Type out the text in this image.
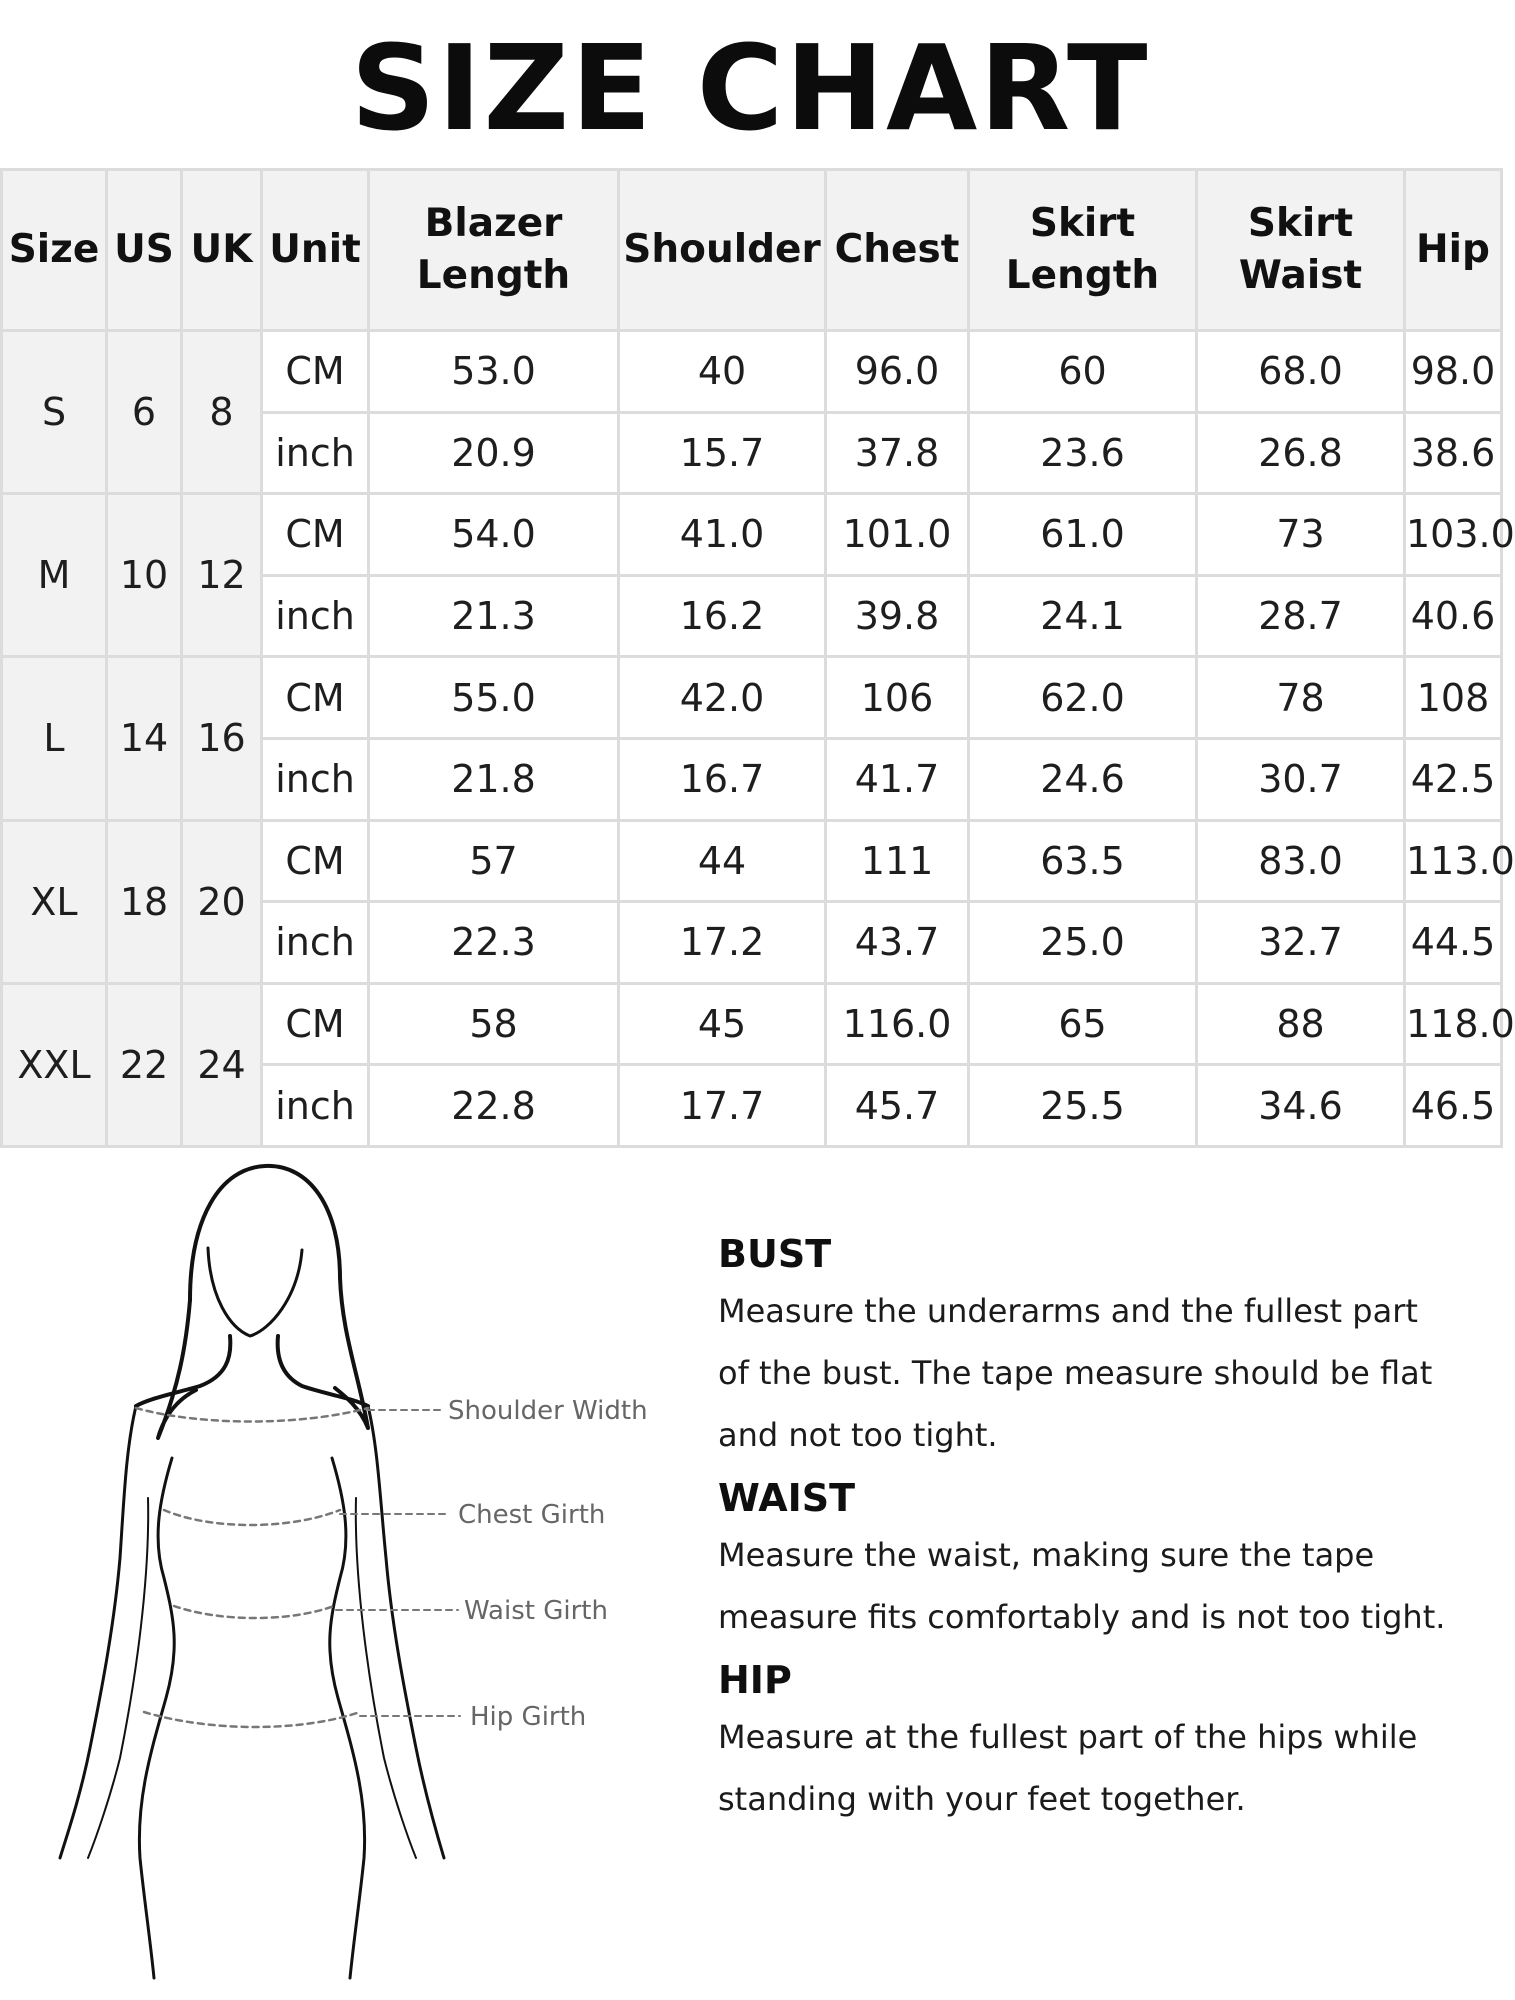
SIZE CHART
Size	US	UK	Unit	Blazer Length	Shoulder	Chest	Skirt Length	Skirt Waist	Hip
S	6	8	CM	53.0	40	96.0	60	68.0	98.0
			inch	20.9	15.7	37.8	23.6	26.8	38.6
M	10	12	CM	54.0	41.0	101.0	61.0	73	103.0
			inch	21.3	16.2	39.8	24.1	28.7	40.6
L	14	16	CM	55.0	42.0	106	62.0	78	108
			inch	21.8	16.7	41.7	24.6	30.7	42.5
XL	18	20	CM	57	44	111	63.5	83.0	113.0
			inch	22.3	17.2	43.7	25.0	32.7	44.5
XXL	22	24	CM	58	45	116.0	65	88	118.0
			inch	22.8	17.7	45.7	25.5	34.6	46.5
Shoulder Width
Chest Girth
Waist Girth
Hip Girth
BUST

Measure the underarms and the fullest part of the bust. The tape measure should be flat and not too tight.

WAIST

Measure the waist, making sure the tape measure fits comfortably and is not too tight.

HIP

Measure at the fullest part of the hips while standing with your feet together.
